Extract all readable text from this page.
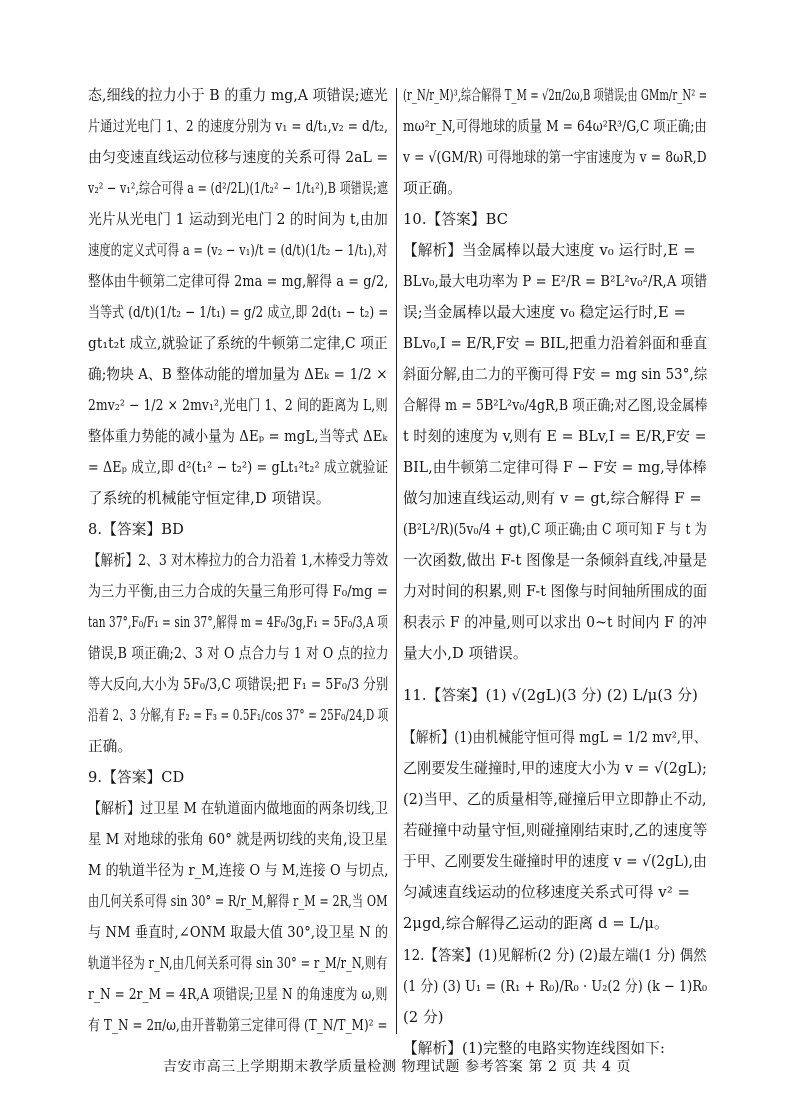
态,细线的拉力小于 B 的重力 mg,A 项错误;遮光
片通过光电门 1、2 的速度分别为 v₁ = d/t₁,v₂ = d/t₂,
由匀变速直线运动位移与速度的关系可得 2aL =
v₂² − v₁²,综合可得 a = (d²/2L)(1/t₂² − 1/t₁²),B 项错误;遮
光片从光电门 1 运动到光电门 2 的时间为 t,由加
速度的定义式可得 a = (v₂ − v₁)/t = (d/t)(1/t₂ − 1/t₁),对
整体由牛顿第二定律可得 2ma = mg,解得 a = g/2,
当等式 (d/t)(1/t₂ − 1/t₁) = g/2 成立,即 2d(t₁ − t₂) =
gt₁t₂t 成立,就验证了系统的牛顿第二定律,C 项正
确;物块 A、B 整体动能的增加量为 ΔEₖ = 1/2 ×
2mv₂² − 1/2 × 2mv₁²,光电门 1、2 间的距离为 L,则
整体重力势能的减小量为 ΔEₚ = mgL,当等式 ΔEₖ
= ΔEₚ 成立,即 d²(t₁² − t₂²) = gLt₁²t₂² 成立就验证
了系统的机械能守恒定律,D 项错误。
8.【答案】BD
【解析】2、3 对木棒拉力的合力沿着 1,木棒受力等效
为三力平衡,由三力合成的矢量三角形可得 F₀/mg =
tan 37°,F₀/F₁ = sin 37°,解得 m = 4F₀/3g,F₁ = 5F₀/3,A 项
错误,B 项正确;2、3 对 O 点合力与 1 对 O 点的拉力
等大反向,大小为 5F₀/3,C 项错误;把 F₁ = 5F₀/3 分别
沿着 2、3 分解,有 F₂ = F₃ = 0.5F₁/cos 37° = 25F₀/24,D 项
正确。
9.【答案】CD
【解析】过卫星 M 在轨道面内做地面的两条切线,卫
星 M 对地球的张角 60° 就是两切线的夹角,设卫星
M 的轨道半径为 r_M,连接 O 与 M,连接 O 与切点,
由几何关系可得 sin 30° = R/r_M,解得 r_M = 2R,当 OM
与 NM 垂直时,∠ONM 取最大值 30°,设卫星 N 的
轨道半径为 r_N,由几何关系可得 sin 30° = r_M/r_N,则有
r_N = 2r_M = 4R,A 项错误;卫星 N 的角速度为 ω,则
有 T_N = 2π/ω,由开普勒第三定律可得 (T_N/T_M)² =
(r_N/r_M)³,综合解得 T_M = √2π/2ω,B 项错误;由 GMm/r_N² =
mω²r_N,可得地球的质量 M = 64ω²R³/G,C 项正确;由
v = √(GM/R) 可得地球的第一宇宙速度为 v = 8ωR,D
项正确。
10.【答案】BC
【解析】当金属棒以最大速度 v₀ 运行时,E =
BLv₀,最大电功率为 P = E²/R = B²L²v₀²/R,A 项错
误;当金属棒以最大速度 v₀ 稳定运行时,E =
BLv₀,I = E/R,F安 = BIL,把重力沿着斜面和垂直
斜面分解,由二力的平衡可得 F安 = mg sin 53°,综
合解得 m = 5B²L²v₀/4gR,B 项正确;对乙图,设金属棒
t 时刻的速度为 v,则有 E = BLv,I = E/R,F安 =
BIL,由牛顿第二定律可得 F − F安 = mg,导体棒
做匀加速直线运动,则有 v = gt,综合解得 F =
(B²L²/R)(5v₀/4 + gt),C 项正确;由 C 项可知 F 与 t 为
一次函数,做出 F-t 图像是一条倾斜直线,冲量是
力对时间的积累,则 F-t 图像与时间轴所围成的面
积表示 F 的冲量,则可以求出 0~t 时间内 F 的冲
量大小,D 项错误。
11.【答案】(1) √(2gL)(3 分) (2) L/μ(3 分)
【解析】(1)由机械能守恒可得 mgL = 1/2 mv²,甲、
乙刚要发生碰撞时,甲的速度大小为 v = √(2gL);
(2)当甲、乙的质量相等,碰撞后甲立即静止不动,
若碰撞中动量守恒,则碰撞刚结束时,乙的速度等
于甲、乙刚要发生碰撞时甲的速度 v = √(2gL),由
匀减速直线运动的位移速度关系式可得 v² =
2μgd,综合解得乙运动的距离 d = L/μ。
12.【答案】(1)见解析(2 分) (2)最左端(1 分) 偶然
(1 分) (3) U₁ = (R₁ + R₀)/R₀ · U₂(2 分) (k − 1)R₀
(2 分)
【解析】(1)完整的电路实物连线图如下:
吉安市高三上学期期末教学质量检测 物理试题 参考答案 第 2 页 共 4 页
